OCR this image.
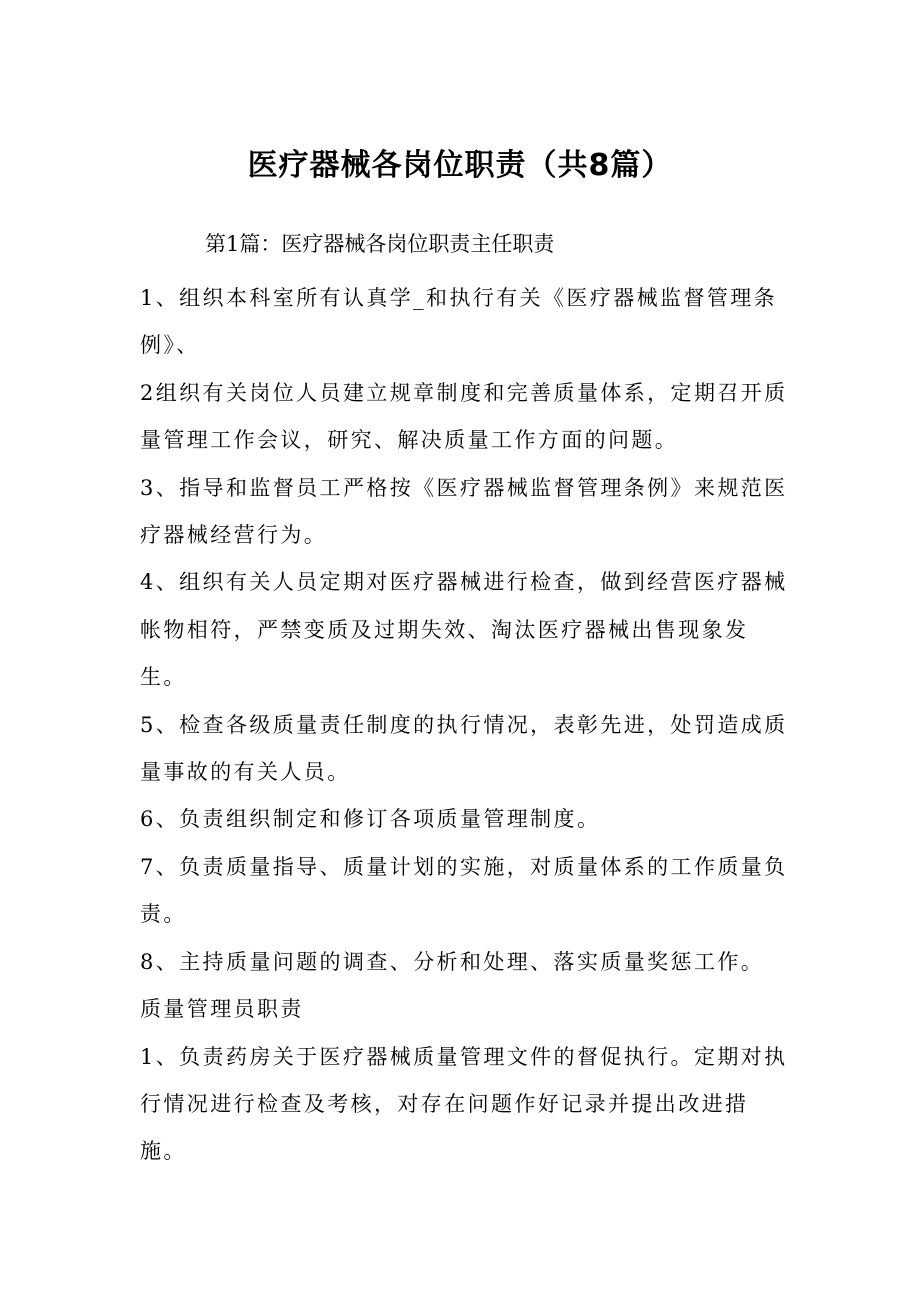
医疗器械各岗位职责（共8篇）

第1篇：医疗器械各岗位职责主任职责

1、组织本科室所有认真学_和执行有关《医疗器械监督管理条例》、

2组织有关岗位人员建立规章制度和完善质量体系，定期召开质量管理工作会议，研究、解决质量工作方面的问题。

3、指导和监督员工严格按《医疗器械监督管理条例》来规范医疗器械经营行为。

4、组织有关人员定期对医疗器械进行检查，做到经营医疗器械帐物相符，严禁变质及过期失效、淘汰医疗器械出售现象发生。

5、检查各级质量责任制度的执行情况，表彰先进，处罚造成质量事故的有关人员。

6、负责组织制定和修订各项质量管理制度。

7、负责质量指导、质量计划的实施，对质量体系的工作质量负责。

8、主持质量问题的调查、分析和处理、落实质量奖惩工作。

质量管理员职责

1、负责药房关于医疗器械质量管理文件的督促执行。定期对执行情况进行检查及考核，对存在问题作好记录并提出改进措施。
